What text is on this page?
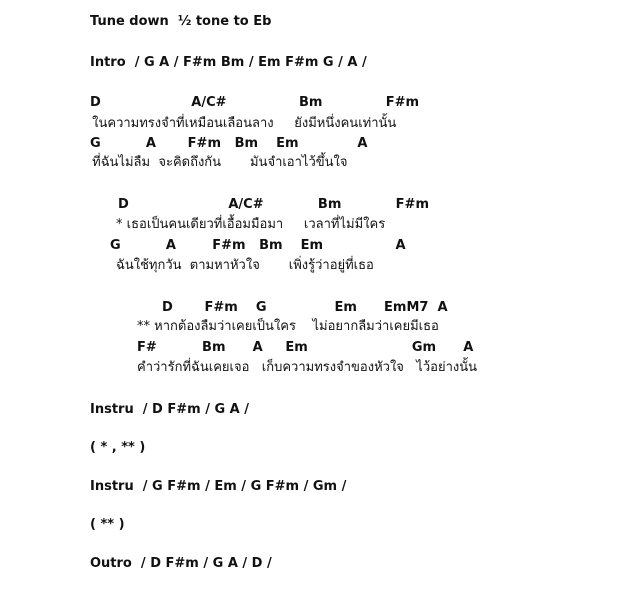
Tune down  ½ tone to Eb

Intro  / G A / F#m Bm / Em F#m G / A /

D                    A/C#                Bm              F#m

ในความทรงจำที่เหมือนเลือนลาง     ยังมีหนึ่งคนเท่านั้น

G          A       F#m   Bm    Em             A

ที่ฉันไม่ลืม  จะคิดถึงกัน       มันจำเอาไว้ขึ้นใจ

D                      A/C#            Bm            F#m

* เธอเป็นคนเดียวที่เอื้อมมือมา     เวลาที่ไม่มีใคร

G          A        F#m   Bm    Em                A

ฉันใช้ทุกวัน  ตามหาหัวใจ       เพิ่งรู้ว่าอยู่ที่เธอ

D       F#m    G               Em      EmM7  A

** หากต้องลืมว่าเคยเป็นใคร    ไม่อยากลืมว่าเคยมีเธอ

F#          Bm      A     Em                       Gm      A

คำว่ารักที่ฉันเคยเจอ   เก็บความทรงจำของหัวใจ   ไว้อย่างนั้น

Instru  / D F#m / G A /

( * , ** )

Instru  / G F#m / Em / G F#m / Gm /

( ** )

Outro  / D F#m / G A / D /
